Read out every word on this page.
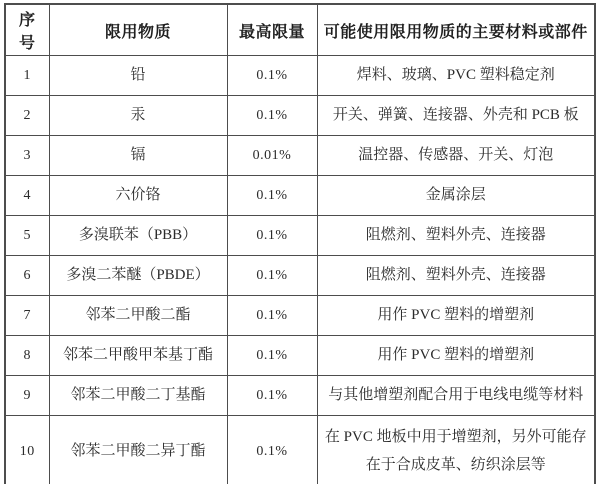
序号	限用物质	最高限量	可能使用限用物质的主要材料或部件
1	铅	0.1%	焊料、玻璃、PVC 塑料稳定剂
2	汞	0.1%	开关、弹簧、连接器、外壳和 PCB 板
3	镉	0.01%	温控器、传感器、开关、灯泡
4	六价铬	0.1%	金属涂层
5	多溴联苯（PBB）	0.1%	阻燃剂、塑料外壳、连接器
6	多溴二苯醚（PBDE）	0.1%	阻燃剂、塑料外壳、连接器
7	邻苯二甲酸二酯	0.1%	用作 PVC 塑料的增塑剂
8	邻苯二甲酸甲苯基丁酯	0.1%	用作 PVC 塑料的增塑剂
9	邻苯二甲酸二丁基酯	0.1%	与其他增塑剂配合用于电线电缆等材料
10	邻苯二甲酸二异丁酯	0.1%	在 PVC 地板中用于增塑剂，另外可能存在于合成皮革、纺织涂层等
